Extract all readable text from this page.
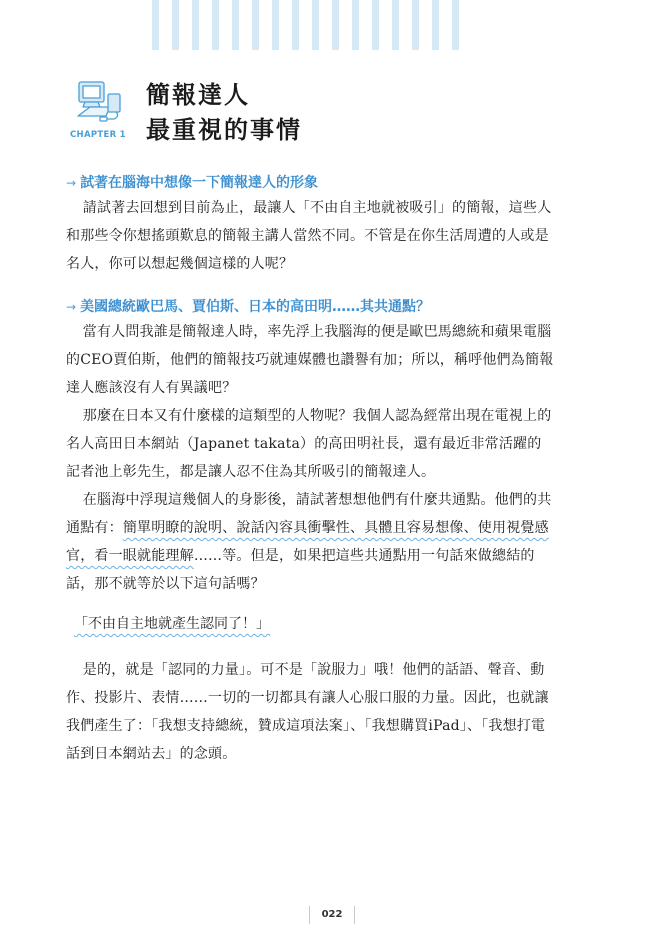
CHAPTER 1
簡報達人
最重視的事情
→ 試著在腦海中想像一下簡報達人的形象

請試著去回想到目前為止，最讓人「不由自主地就被吸引」的簡報，這些人和那些令你想搖頭歎息的簡報主講人當然不同。不管是在你生活周遭的人或是名人，你可以想起幾個這樣的人呢？

→ 美國總統歐巴馬、賈伯斯、日本的高田明……其共通點？

當有人問我誰是簡報達人時，率先浮上我腦海的便是歐巴馬總統和蘋果電腦的CEO賈伯斯，他們的簡報技巧就連媒體也讚譽有加；所以，稱呼他們為簡報達人應該沒有人有異議吧？

那麼在日本又有什麼樣的這類型的人物呢？我個人認為經常出現在電視上的名人高田日本網站（Japanet takata）的高田明社長，還有最近非常活躍的記者池上彰先生，都是讓人忍不住為其所吸引的簡報達人。

在腦海中浮現這幾個人的身影後，請試著想想他們有什麼共通點。他們的共通點有：簡單明瞭的說明、說話內容具衝擊性、具體且容易想像、使用視覺感官，看一眼就能理解……等。但是，如果把這些共通點用一句話來做總結的話，那不就等於以下這句話嗎？

「不由自主地就產生認同了！」

是的，就是「認同的力量」。可不是「說服力」哦！他們的話語、聲音、動作、投影片、表情……一切的一切都具有讓人心服口服的力量。因此，也就讓我們產生了：「我想支持總統，贊成這項法案」、「我想購買iPad」、「我想打電話到日本網站去」的念頭。

022
